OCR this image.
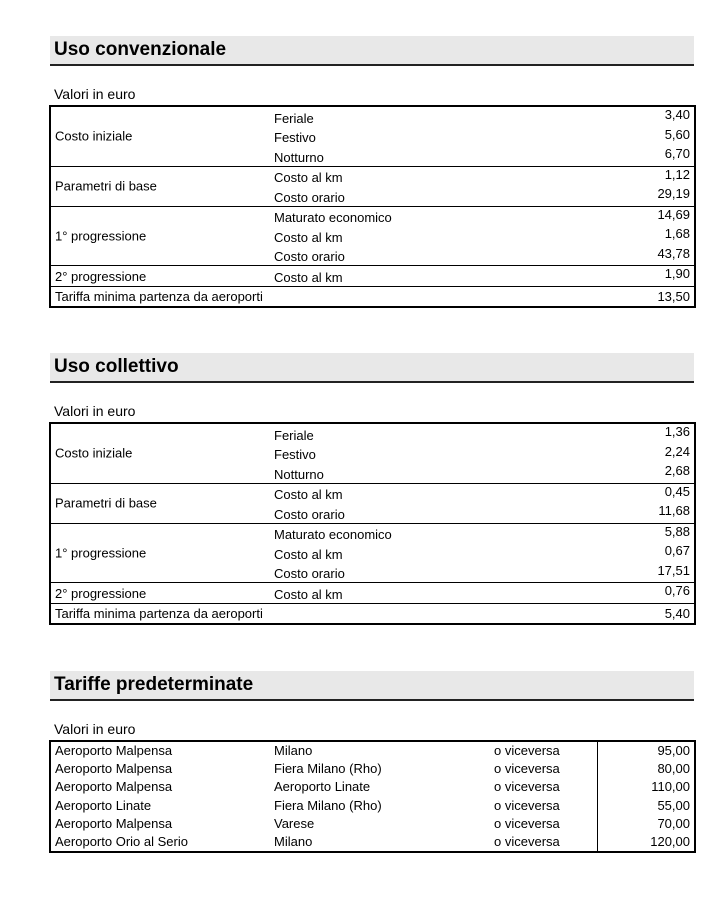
Uso convenzionale
Valori in euro
Costo iniziale
Feriale	3,40
Festivo	5,60
Notturno	6,70
Parametri di base
Costo al km	1,12
Costo orario	29,19
1° progressione
Maturato economico	14,69
Costo al km	1,68
Costo orario	43,78
2° progressione	Costo al km	1,90
Tariffa minima partenza da aeroporti	13,50
Uso collettivo
Valori in euro
Costo iniziale
Feriale	1,36
Festivo	2,24
Notturno	2,68
Parametri di base
Costo al km	0,45
Costo orario	11,68
1° progressione
Maturato economico	5,88
Costo al km	0,67
Costo orario	17,51
2° progressione	Costo al km	0,76
Tariffa minima partenza da aeroporti	5,40
Tariffe predeterminate
Valori in euro
Aeroporto Malpensa	Milano	o viceversa	95,00
Aeroporto Malpensa	Fiera Milano (Rho)	o viceversa	80,00
Aeroporto Malpensa	Aeroporto Linate	o viceversa	110,00
Aeroporto Linate	Fiera Milano (Rho)	o viceversa	55,00
Aeroporto Malpensa	Varese	o viceversa	70,00
Aeroporto Orio al Serio	Milano	o viceversa	120,00
